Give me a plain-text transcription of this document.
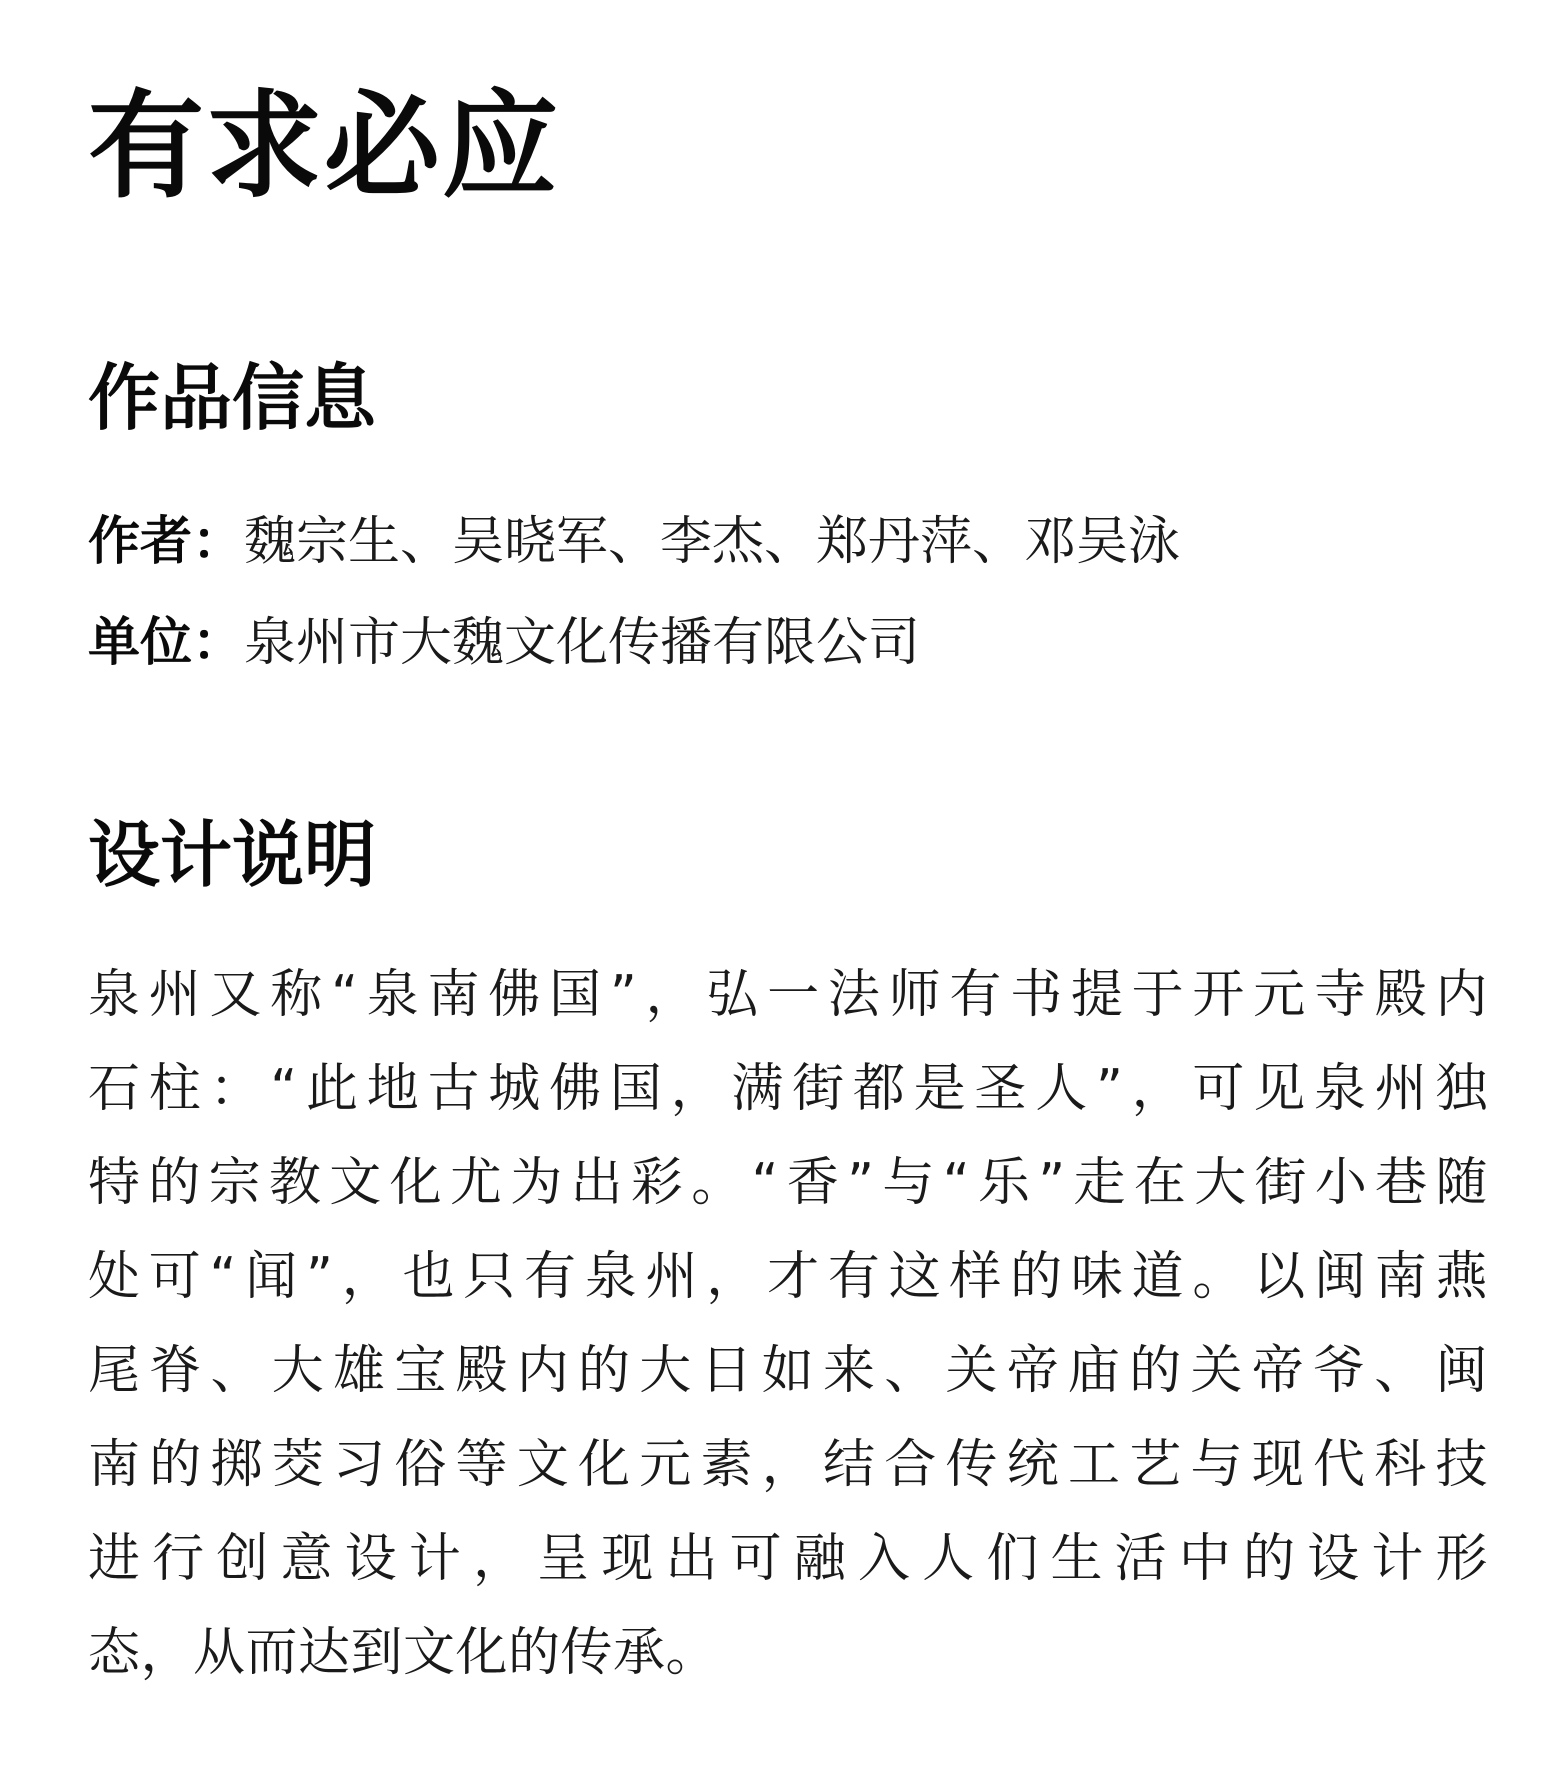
有求必应
作品信息
作者：魏宗生、吴晓军、李杰、郑丹萍、邓吴泳
单位：泉州市大魏文化传播有限公司
设计说明
泉州又称“泉南佛国”，弘一法师有书提于开元寺殿内
石柱：“此地古城佛国，满街都是圣人”，可见泉州独
特的宗教文化尤为出彩。“香”与“乐”走在大街小巷随
处可“闻”，也只有泉州，才有这样的味道。以闽南燕
尾脊、大雄宝殿内的大日如来、关帝庙的关帝爷、闽
南的掷茭习俗等文化元素，结合传统工艺与现代科技
进行创意设计，呈现出可融入人们生活中的设计形
态，从而达到文化的传承。
